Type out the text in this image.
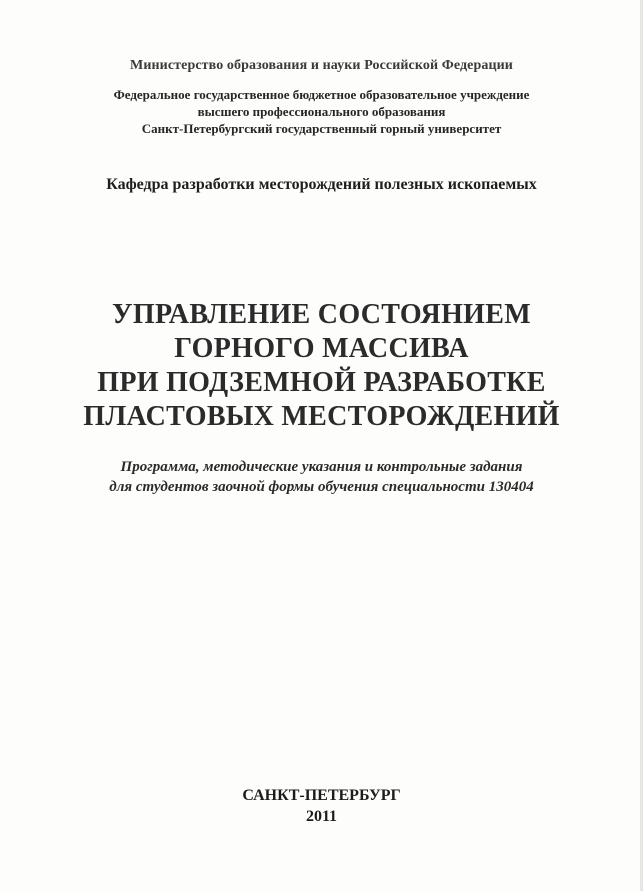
Министерство образования и науки Российской Федерации
Федеральное государственное бюджетное образовательное учреждение
высшего профессионального образования
Санкт-Петербургский государственный горный университет
Кафедра разработки месторождений полезных ископаемых
УПРАВЛЕНИЕ СОСТОЯНИЕМ
ГОРНОГО МАССИВА
ПРИ ПОДЗЕМНОЙ РАЗРАБОТКЕ
ПЛАСТОВЫХ МЕСТОРОЖДЕНИЙ
Программа, методические указания и контрольные задания
для студентов заочной формы обучения специальности 130404
САНКТ-ПЕТЕРБУРГ
2011
